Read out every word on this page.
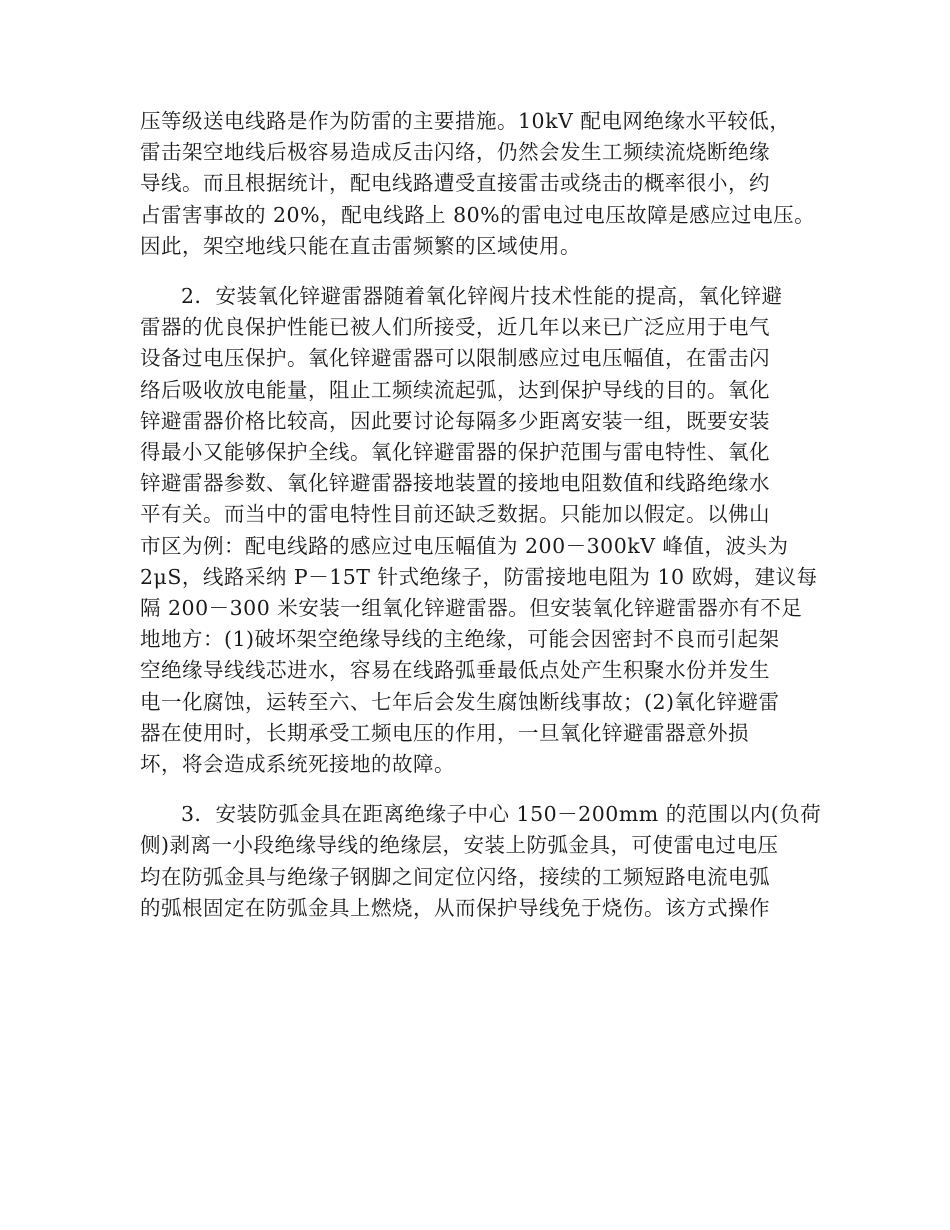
压等级送电线路是作为防雷的主要措施。10kV 配电网绝缘水平较低，
雷击架空地线后极容易造成反击闪络，仍然会发生工频续流烧断绝缘
导线。而且根据统计，配电线路遭受直接雷击或绕击的概率很小，约
占雷害事故的 20%，配电线路上 80%的雷电过电压故障是感应过电压。
因此，架空地线只能在直击雷频繁的区域使用。

2．安装氧化锌避雷器随着氧化锌阀片技术性能的提高，氧化锌避
雷器的优良保护性能已被人们所接受，近几年以来已广泛应用于电气
设备过电压保护。氧化锌避雷器可以限制感应过电压幅值，在雷击闪
络后吸收放电能量，阻止工频续流起弧，达到保护导线的目的。氧化
锌避雷器价格比较高，因此要讨论每隔多少距离安装一组，既要安装
得最小又能够保护全线。氧化锌避雷器的保护范围与雷电特性、氧化
锌避雷器参数、氧化锌避雷器接地装置的接地电阻数值和线路绝缘水
平有关。而当中的雷电特性目前还缺乏数据。只能加以假定。以佛山
市区为例：配电线路的感应过电压幅值为 200－300kV 峰值，波头为
2μS，线路采纳 P－15T 针式绝缘子，防雷接地电阻为 10 欧姆，建议每
隔 200－300 米安装一组氧化锌避雷器。但安装氧化锌避雷器亦有不足
地地方：(1)破坏架空绝缘导线的主绝缘，可能会因密封不良而引起架
空绝缘导线线芯进水，容易在线路弧垂最低点处产生积聚水份并发生
电一化腐蚀，运转至六、七年后会发生腐蚀断线事故；(2)氧化锌避雷
器在使用时，长期承受工频电压的作用，一旦氧化锌避雷器意外损
坏，将会造成系统死接地的故障。

3．安装防弧金具在距离绝缘子中心 150－200mm 的范围以内(负荷
侧)剥离一小段绝缘导线的绝缘层，安装上防弧金具，可使雷电过电压
均在防弧金具与绝缘子钢脚之间定位闪络，接续的工频短路电流电弧
的弧根固定在防弧金具上燃烧，从而保护导线免于烧伤。该方式操作
